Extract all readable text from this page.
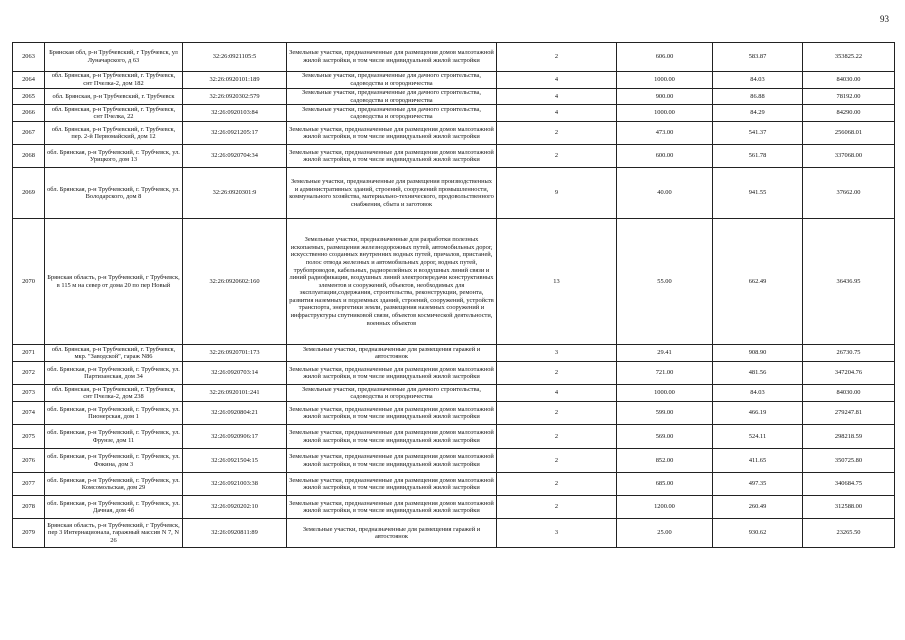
93
2063	Брянская обл, р-н Трубчевский, г Трубчевск, ул Луначарского, д 63	32:26:0921105:5	Земельные участки, предназначенные для размещения домов малоэтажной жилой застройки, в том числе индивидуальной жилой застройки	2	606.00	583.87	353825.22
2064	обл. Брянская, р-н Трубчевский, г. Трубчевск, снт Пчелка-2, дом 182	32:26:0920101:189	Земельные участки, предназначенные для дачного строительства, садоводства и огородничества	4	1000.00	84.03	84030.00
2065	обл. Брянская, р-н Трубчевский, г. Трубчевск	32:26:0920302:579	Земельные участки, предназначенные для дачного строительства, садоводства и огородничества	4	900.00	86.88	78192.00
2066	обл. Брянская, р-н Трубчевский, г. Трубчевск, снт Пчелка, 22	32:26:0920103:84	Земельные участки, предназначенные для дачного строительства, садоводства и огородничества	4	1000.00	84.29	84290.00
2067	обл. Брянская, р-н Трубчевский, г. Трубчевск, пер. 2-й Первомайский, дом 12	32:26:0921205:17	Земельные участки, предназначенные для размещения домов малоэтажной жилой застройки, в том числе индивидуальной жилой застройки	2	473.00	541.37	256068.01
2068	обл. Брянская, р-н Трубчевский, г. Трубчевск, ул. Урицкого, дом 13	32:26:0920704:34	Земельные участки, предназначенные для размещения домов малоэтажной жилой застройки, в том числе индивидуальной жилой застройки	2	600.00	561.78	337068.00
2069	обл. Брянская, р-н Трубчевский, г. Трубчевск, ул. Володарского, дом 8	32:26:0920301:9	Земельные участки, предназначенные для размещения производственных и административных зданий, строений, сооружений промышленности, коммунального хозяйства, материально-технического, продовольственного снабжения, сбыта и заготовок	9	40.00	941.55	37662.00
2070	Брянская область, р-н Трубчевский, г Трубчевск, в 115 м на север от дома 20 по пер Новый	32:26:0920602:160	Земельные участки, предназначенные для разработки полезных ископаемых, размещения железнодорожных путей, автомобильных дорог, искусственно созданных внутренних водных путей, причалов, пристаней, полос отвода железных и автомобильных дорог, водных путей, трубопроводов, кабельных, радиорелейных и воздушных линий связи и линий радиофикации, воздушных линий электропередачи конструктивных элементов и сооружений, объектов, необходимых для эксплуатации,содержания, строительства, реконструкции, ремонта, развития наземных и подземных зданий, строений, сооружений, устройств транспорта, энергетики земли, размещения наземных сооружений и инфраструктуры спутниковой связи, объектов космической деятельности, военных объектов	13	55.00	662.49	36436.95
2071	обл. Брянская, р-н Трубчевский, г. Трубчевск, мкр. "Заводской", гараж N86	32:26:0920701:173	Земельные участки, предназначенные для размещения гаражей и автостоянок	3	29.41	908.90	26730.75
2072	обл. Брянская, р-н Трубчевский, г. Трубчевск, ул. Партизанская, дом 34	32:26:0920703:14	Земельные участки, предназначенные для размещения домов малоэтажной жилой застройки, в том числе индивидуальной жилой застройки	2	721.00	481.56	347204.76
2073	обл. Брянская, р-н Трубчевский, г. Трубчевск, снт Пчелка-2, дом 238	32:26:0920101:241	Земельные участки, предназначенные для дачного строительства, садоводства и огородничества	4	1000.00	84.03	84030.00
2074	обл. Брянская, р-н Трубчевский, г. Трубчевск, ул. Пионерская, дом 1	32:26:0920804:21	Земельные участки, предназначенные для размещения домов малоэтажной жилой застройки, в том числе индивидуальной жилой застройки	2	599.00	466.19	279247.81
2075	обл. Брянская, р-н Трубчевский, г. Трубчевск, ул. Фрунзе, дом 11	32:26:0920906:17	Земельные участки, предназначенные для размещения домов малоэтажной жилой застройки, в том числе индивидуальной жилой застройки	2	569.00	524.11	298218.59
2076	обл. Брянская, р-н Трубчевский, г. Трубчевск, ул. Фокина, дом 3	32:26:0921504:15	Земельные участки, предназначенные для размещения домов малоэтажной жилой застройки, в том числе индивидуальной жилой застройки	2	852.00	411.65	350725.80
2077	обл. Брянская, р-н Трубчевский, г. Трубчевск, ул. Комсомольская, дом 29	32:26:0921003:38	Земельные участки, предназначенные для размещения домов малоэтажной жилой застройки, в том числе индивидуальной жилой застройки	2	685.00	497.35	340684.75
2078	обл. Брянская, р-н Трубчевский, г. Трубчевск, ул. Дачная, дом 4б	32:26:0920202:10	Земельные участки, предназначенные для размещения домов малоэтажной жилой застройки, в том числе индивидуальной жилой застройки	2	1200.00	260.49	312588.00
2079	Брянская область, р-н Трубчевский, г Трубчевск, пер 3 Интернационала, гаражный массив N 7, N 26	32:26:0920811:89	Земельные участки, предназначенные для размещения гаражей и автостоянок	3	25.00	930.62	23265.50
